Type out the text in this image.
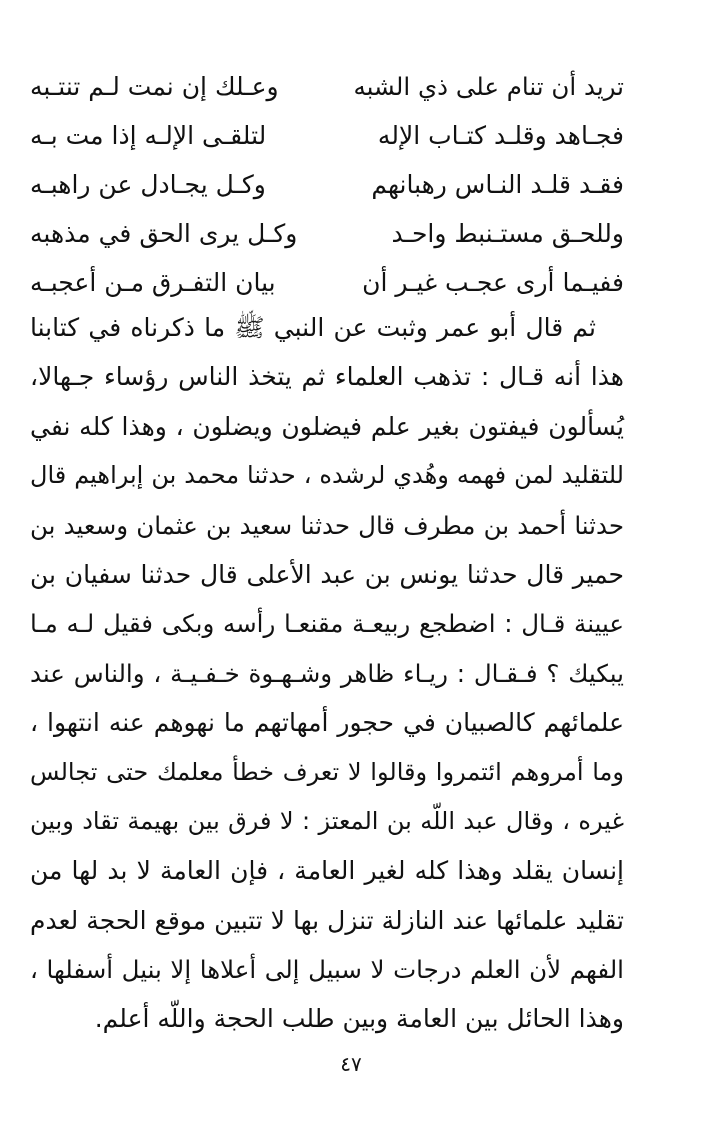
تريد أن تنام على ذي الشبه
وعـلك إن نمت لـم تنتـبه
فجـاهد وقلـد كتـاب الإله
لتلقـى الإلـه إذا مت بـه
فقـد قلـد النـاس رهبانهم
وكـل يجـادل عن راهبـه
وللحـق مستـنبط واحـد
وكـل يرى الحق في مذهبه
ففيـما أرى عجـب غيـر أن
بيان التفـرق مـن أعجبـه
ثم قال أبو عمر وثبت عن النبي ﷺ ما ذكرناه في كتابنا
هذا أنه قـال : تذهب العلماء ثم يتخذ الناس رؤساء جـهالا،
يُسألون فيفتون بغير علم فيضلون ويضلون ، وهذا كله نفي
للتقليد لمن فهمه وهُدي لرشده ، حدثنا محمد بن إبراهيم قال
حدثنا أحمد بن مطرف قال حدثنا سعيد بن عثمان وسعيد بن
حمير قال حدثنا يونس بن عبد الأعلى قال حدثنا سفيان بن
عيينة قـال : اضطجع ربيعـة مقنعـا رأسه وبكى فقيل لـه مـا
يبكيك ؟ فـقـال : ريـاء ظاهر وشـهـوة خـفـيـة ، والناس عند
علمائهم كالصبيان في حجور أمهاتهم ما نهوهم عنه انتهوا ،
وما أمروهم ائتمروا وقالوا لا تعرف خطأ معلمك حتى تجالس
غيره ، وقال عبد اللّه بن المعتز : لا فرق بين بهيمة تقاد وبين
إنسان يقلد وهذا كله لغير العامة ، فإن العامة لا بد لها من
تقليد علمائها عند النازلة تنزل بها لا تتبين موقع الحجة لعدم
الفهم لأن العلم درجات لا سبيل إلى أعلاها إلا بنيل أسفلها ،
وهذا الحائل بين العامة وبين طلب الحجة واللّه أعلم.
٤٧
